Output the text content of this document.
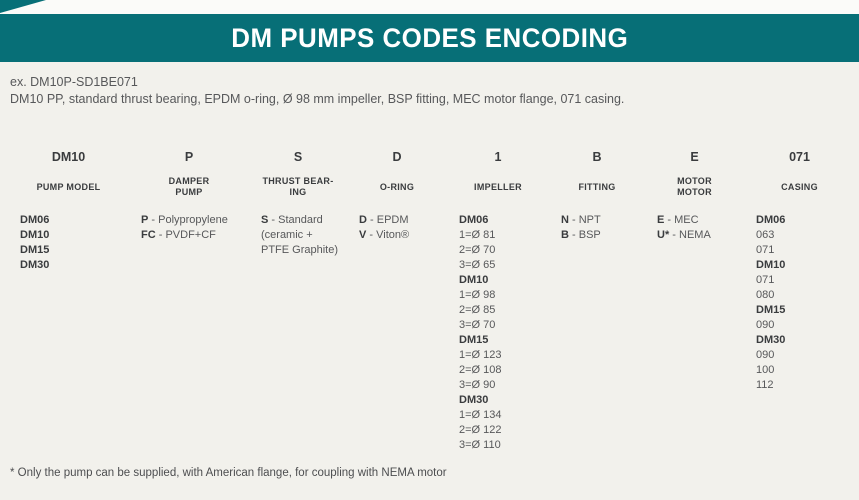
DM PUMPS CODES ENCODING
ex. DM10P-SD1BE071
DM10 PP, standard thrust bearing, EPDM o-ring, Ø 98 mm impeller, BSP fitting, MEC motor flange, 071 casing.
DM10
PUMP MODEL
DM06
DM10
DM15
DM30
P
DAMPER
PUMP
P - Polypropylene
FC - PVDF+CF
S
THRUST BEAR-
ING
S - Standard
(ceramic +
PTFE Graphite)
D
O-RING
D - EPDM
V - Viton®
1
IMPELLER
DM06
1=Ø 81
2=Ø 70
3=Ø 65
DM10
1=Ø 98
2=Ø 85
3=Ø 70
DM15
1=Ø 123
2=Ø 108
3=Ø 90
DM30
1=Ø 134
2=Ø 122
3=Ø 110
B
FITTING
N - NPT
B - BSP
E
MOTOR
MOTOR
E - MEC
U* - NEMA
071
CASING
DM06
063
071
DM10
071
080
DM15
090
DM30
090
100
112
* Only the pump can be supplied, with American flange, for coupling with NEMA motor
